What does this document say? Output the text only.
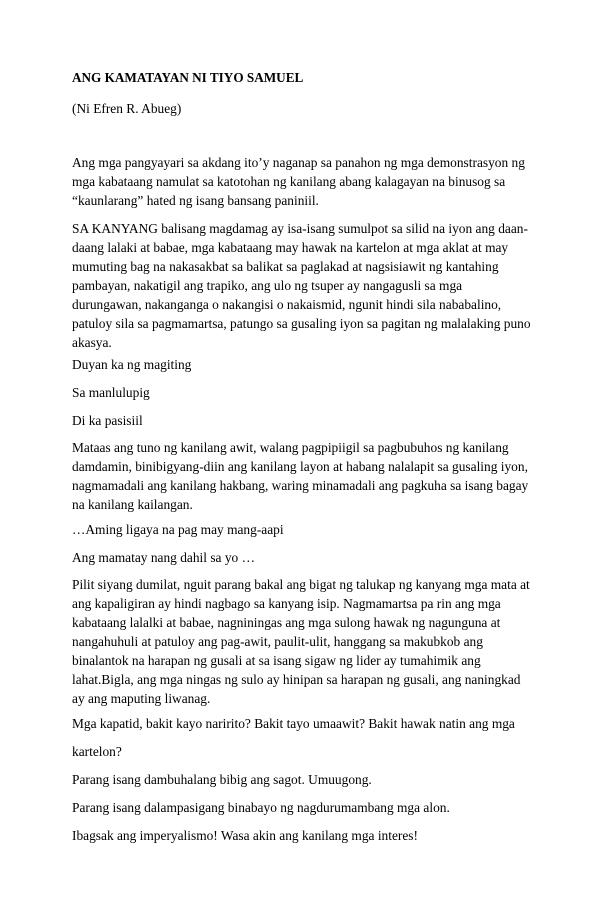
ANG KAMATAYAN NI TIYO SAMUEL

(Ni Efren R. Abueg)

Ang mga pangyayari sa akdang ito’y naganap sa panahon ng mga demonstrasyon ng mga kabataang namulat sa katotohan ng kanilang abang kalagayan na binusog sa “kaunlarang” hated ng isang bansang paniniil.

SA KANYANG balisang magdamag ay isa-isang sumulpot sa silid na iyon ang daan-daang lalaki at babae, mga kabataang may hawak na kartelon at mga aklat at may mumuting bag na nakasakbat sa balikat sa paglakad at nagsisiawit ng kantahing pambayan, nakatigil ang trapiko, ang ulo ng tsuper ay nangagusli sa mga durungawan, nakanganga o nakangisi o nakaismid, ngunit hindi sila nababalino, patuloy sila sa pagmamartsa, patungo sa gusaling iyon sa pagitan ng malalaking puno akasya.

Duyan ka ng magiting

Sa manlulupig

Di ka pasisiil

Mataas ang tuno ng kanilang awit, walang pagpipiigil sa pagbubuhos ng kanilang damdamin, binibigyang-diin ang kanilang layon at habang nalalapit sa gusaling iyon, nagmamadali ang kanilang hakbang, waring minamadali ang pagkuha sa isang bagay na kanilang kailangan.

…Aming ligaya na pag may mang-aapi

Ang mamatay nang dahil sa yo …

Pilit siyang dumilat, nguit parang bakal ang bigat ng talukap ng kanyang mga mata at ang kapaligiran ay hindi nagbago sa kanyang isip. Nagmamartsa pa rin ang mga kabataang lalalki at babae, nagniningas ang mga sulong hawak ng nagunguna at nangahuhuli at patuloy ang pag-awit, paulit-ulit, hanggang sa makubkob ang binalantok na harapan ng gusali at sa isang sigaw ng lider ay tumahimik ang lahat.Bigla, ang mga ningas ng sulo ay hinipan sa harapan ng gusali, ang naningkad ay ang maputing liwanag.

Mga kapatid, bakit kayo naririto? Bakit tayo umaawit? Bakit hawak natin ang mga

kartelon?

Parang isang dambuhalang bibig ang sagot. Umuugong.

Parang isang dalampasigang binabayo ng nagdurumambang mga alon.

Ibagsak ang imperyalismo! Wasa akin ang kanilang mga interes!
